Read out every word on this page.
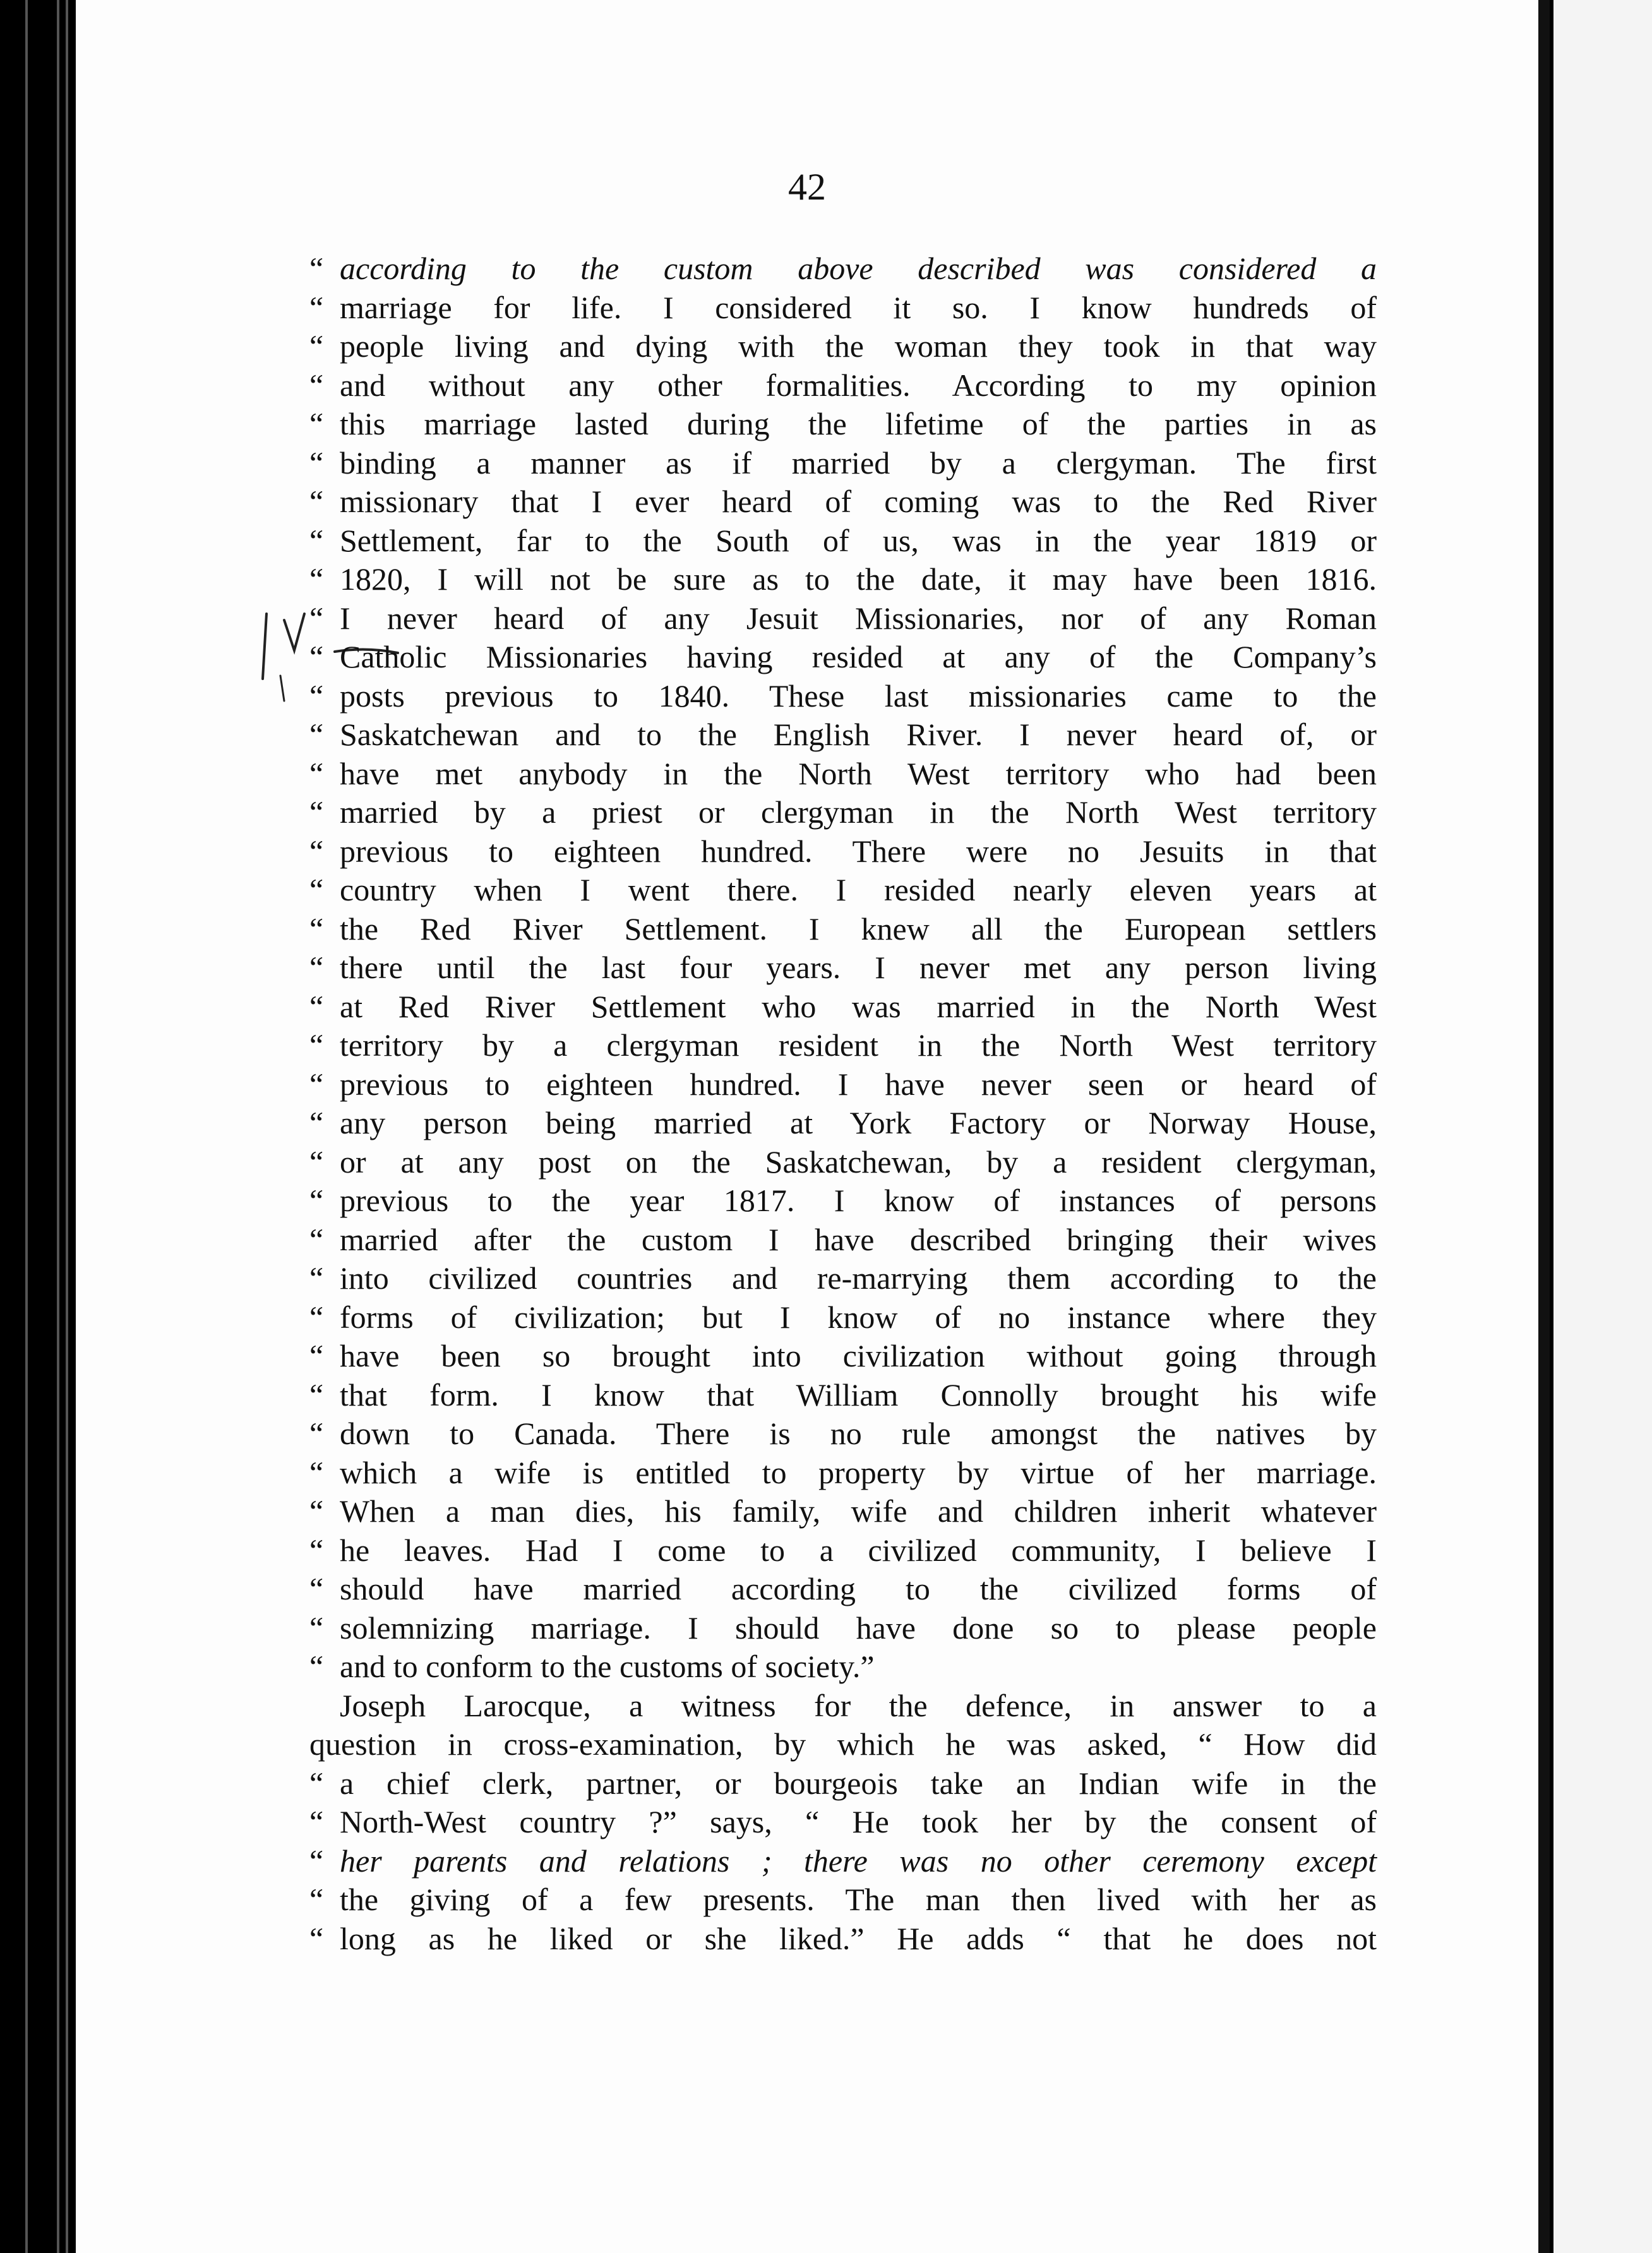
42

“ according to the custom above described was considered a
“ marriage for life. I considered it so. I know hundreds of
“ people living and dying with the woman they took in that way
“ and without any other formalities. According to my opinion
“ this marriage lasted during the lifetime of the parties in as
“ binding a manner as if married by a clergyman. The first
“ missionary that I ever heard of coming was to the Red River
“ Settlement, far to the South of us, was in the year 1819 or
“ 1820, I will not be sure as to the date, it may have been 1816.
“ I never heard of any Jesuit Missionaries, nor of any Roman
“ Catholic Missionaries having resided at any of the Company’s
“ posts previous to 1840. These last missionaries came to the
“ Saskatchewan and to the English River. I never heard of, or
“ have met anybody in the North West territory who had been
“ married by a priest or clergyman in the North West territory
“ previous to eighteen hundred. There were no Jesuits in that
“ country when I went there. I resided nearly eleven years at
“ the Red River Settlement. I knew all the European settlers
“ there until the last four years. I never met any person living
“ at Red River Settlement who was married in the North West
“ territory by a clergyman resident in the North West territory
“ previous to eighteen hundred. I have never seen or heard of
“ any person being married at York Factory or Norway House,
“ or at any post on the Saskatchewan, by a resident clergyman,
“ previous to the year 1817. I know of instances of persons
“ married after the custom I have described bringing their wives
“ into civilized countries and re-marrying them according to the
“ forms of civilization; but I know of no instance where they
“ have been so brought into civilization without going through
“ that form. I know that William Connolly brought his wife
“ down to Canada. There is no rule amongst the natives by
“ which a wife is entitled to property by virtue of her marriage.
“ When a man dies, his family, wife and children inherit whatever
“ he leaves. Had I come to a civilized community, I believe I
“ should have married according to the civilized forms of
“ solemnizing marriage. I should have done so to please people
“ and to conform to the customs of society.”
Joseph Larocque, a witness for the defence, in answer to a
question in cross-examination, by which he was asked, “ How did
“ a chief clerk, partner, or bourgeois take an Indian wife in the
“ North-West country ?” says, “ He took her by the consent of
“ her parents and relations ; there was no other ceremony except
“ the giving of a few presents. The man then lived with her as
“ long as he liked or she liked.” He adds “ that he does not
